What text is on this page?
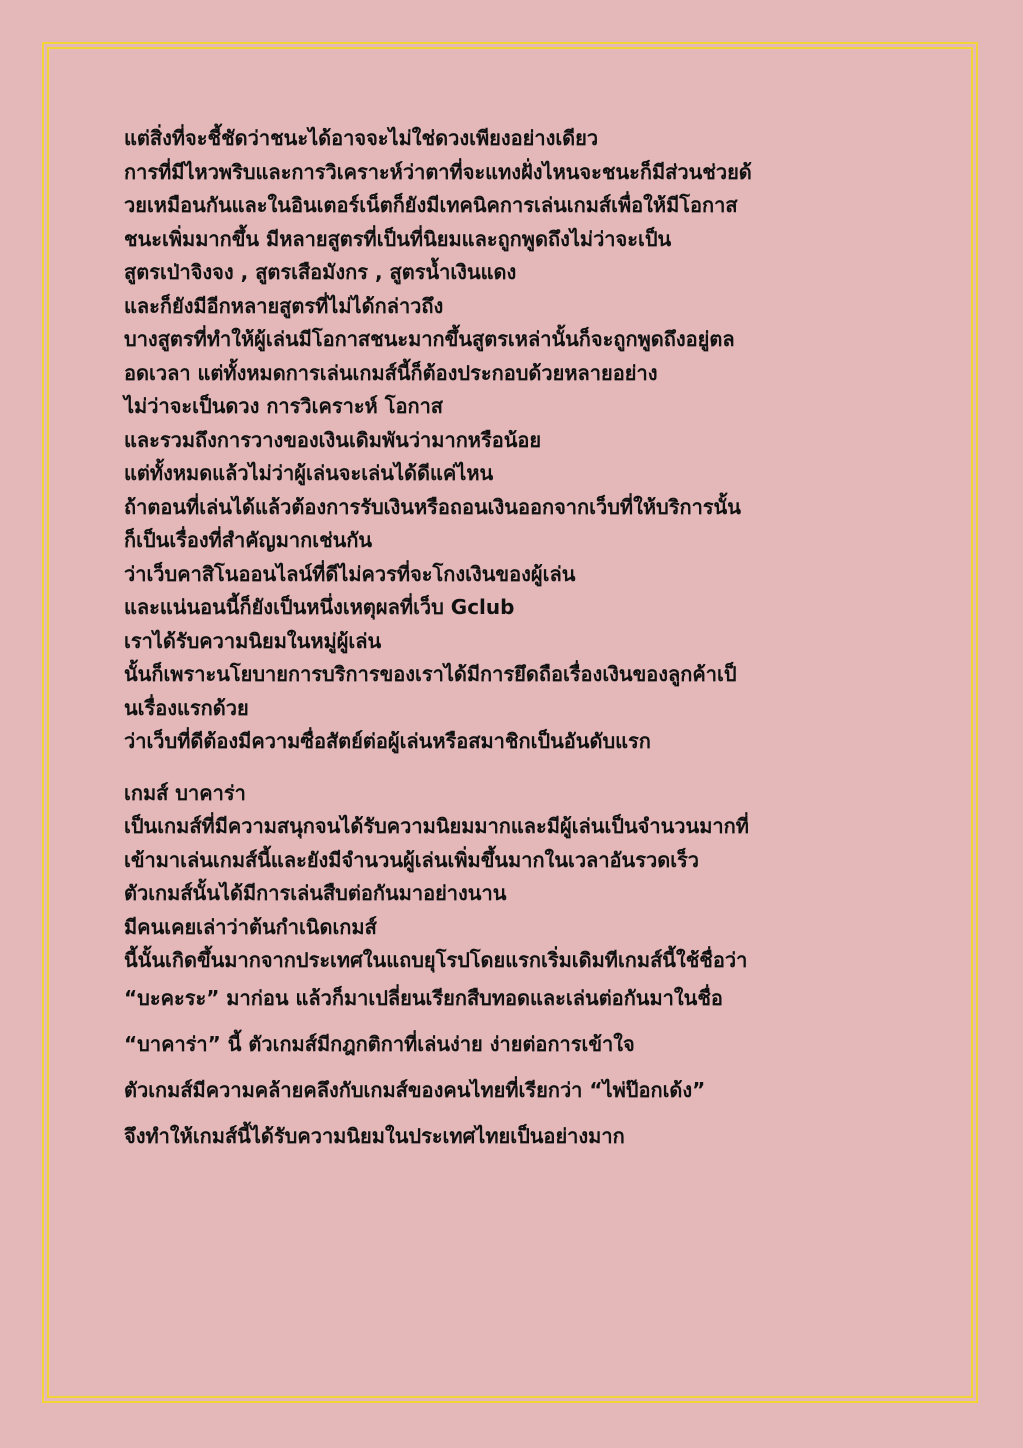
แต่สิ่งที่จะชี้ชัดว่าชนะได้อาจจะไม่ใช่ดวงเพียงอย่างเดียว
การที่มีไหวพริบและการวิเคราะห์ว่าตาที่จะแทงฝั่งไหนจะชนะก็มีส่วนช่วยด้
วยเหมือนกันและในอินเตอร์เน็ตก็ยังมีเทคนิคการเล่นเกมส์เพื่อให้มีโอกาส
ชนะเพิ่มมากขึ้น มีหลายสูตรที่เป็นที่นิยมและถูกพูดถึงไม่ว่าจะเป็น
สูตรเป่าจิงจง , สูตรเสือมังกร , สูตรน้ำเงินแดง
และก็ยังมีอีกหลายสูตรที่ไม่ได้กล่าวถึง
บางสูตรที่ทำให้ผู้เล่นมีโอกาสชนะมากขึ้นสูตรเหล่านั้นก็จะถูกพูดถึงอยู่ตล
อดเวลา แต่ทั้งหมดการเล่นเกมส์นี้ก็ต้องประกอบด้วยหลายอย่าง
ไม่ว่าจะเป็นดวง การวิเคราะห์ โอกาส
และรวมถึงการวางของเงินเดิมพันว่ามากหรือน้อย
แต่ทั้งหมดแล้วไม่ว่าผู้เล่นจะเล่นได้ดีแค่ไหน
ถ้าตอนที่เล่นได้แล้วต้องการรับเงินหรือถอนเงินออกจากเว็บที่ให้บริการนั้น
ก็เป็นเรื่องที่สำคัญมากเช่นกัน
ว่าเว็บคาสิโนออนไลน์ที่ดีไม่ควรที่จะโกงเงินของผู้เล่น
และแน่นอนนี้ก็ยังเป็นหนึ่งเหตุผลที่เว็บ Gclub
เราได้รับความนิยมในหมู่ผู้เล่น
นั้นก็เพราะนโยบายการบริการของเราได้มีการยึดถือเรื่องเงินของลูกค้าเป็
นเรื่องแรกด้วย
ว่าเว็บที่ดีต้องมีความซื่อสัตย์ต่อผู้เล่นหรือสมาชิกเป็นอันดับแรก
เกมส์ บาคาร่า
เป็นเกมส์ที่มีความสนุกจนได้รับความนิยมมากและมีผู้เล่นเป็นจำนวนมากที่
เข้ามาเล่นเกมส์นี้และยังมีจำนวนผู้เล่นเพิ่มขึ้นมากในเวลาอันรวดเร็ว
ตัวเกมส์นั้นได้มีการเล่นสืบต่อกันมาอย่างนาน
มีคนเคยเล่าว่าต้นกำเนิดเกมส์
นี้นั้นเกิดขึ้นมากจากประเทศในแถบยุโรปโดยแรกเริ่มเดิมทีเกมส์นี้ใช้ชื่อว่า
“บะคะระ” มาก่อน แล้วก็มาเปลี่ยนเรียกสืบทอดและเล่นต่อกันมาในชื่อ
“บาคาร่า” นี้ ตัวเกมส์มีกฎกติกาที่เล่นง่าย ง่ายต่อการเข้าใจ
ตัวเกมส์มีความคล้ายคลึงกับเกมส์ของคนไทยที่เรียกว่า “ไพ่ป๊อกเด้ง”
จึงทำให้เกมส์นี้ได้รับความนิยมในประเทศไทยเป็นอย่างมาก
